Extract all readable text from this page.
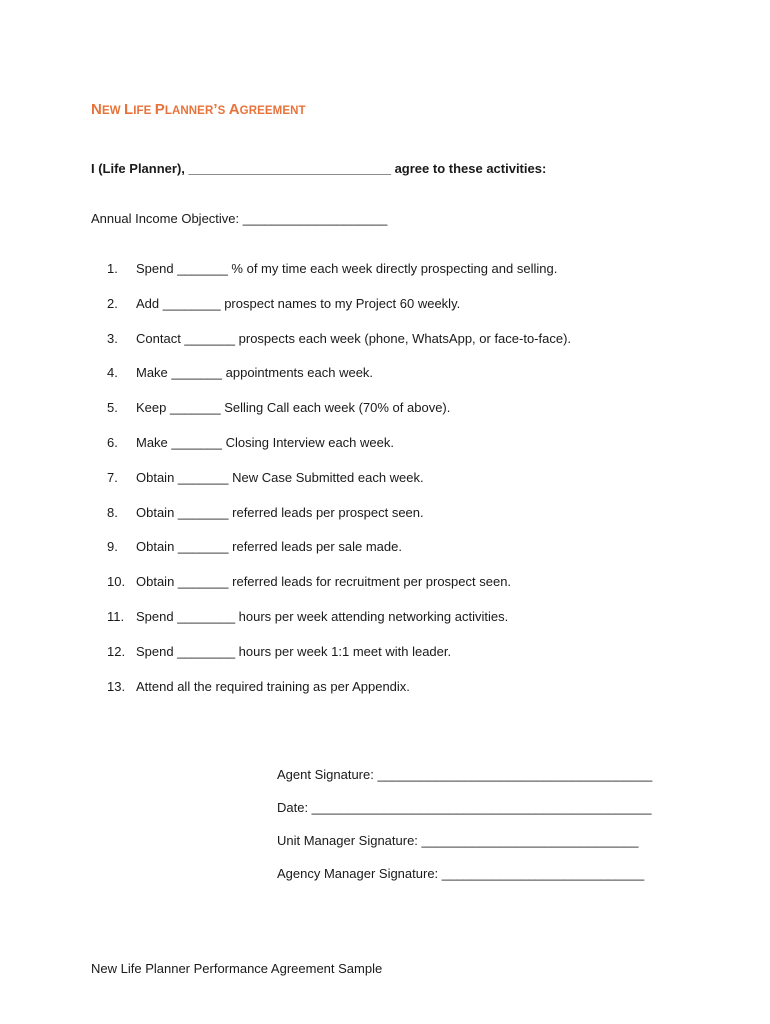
NEW LIFE PLANNER’S AGREEMENT
I (Life Planner), ____________________________ agree to these activities:
Annual Income Objective: ____________________
1.	Spend _______ % of my time each week directly prospecting and selling.
2.	Add ________ prospect names to my Project 60 weekly.
3.	Contact _______ prospects each week (phone, WhatsApp, or face-to-face).
4.	Make _______ appointments each week.
5.	Keep _______ Selling Call each week (70% of above).
6.	Make _______ Closing Interview each week.
7.	Obtain _______ New Case Submitted each week.
8.	Obtain _______ referred leads per prospect seen.
9.	Obtain _______ referred leads per sale made.
10. Obtain _______ referred leads for recruitment per prospect seen.
11. Spend ________ hours per week attending networking activities.
12. Spend ________ hours per week 1:1 meet with leader.
13. Attend all the required training as per Appendix.
Agent Signature: ______________________________________
Date: _______________________________________________
Unit Manager Signature: ______________________________
Agency Manager Signature: ____________________________
New Life Planner Performance Agreement Sample
